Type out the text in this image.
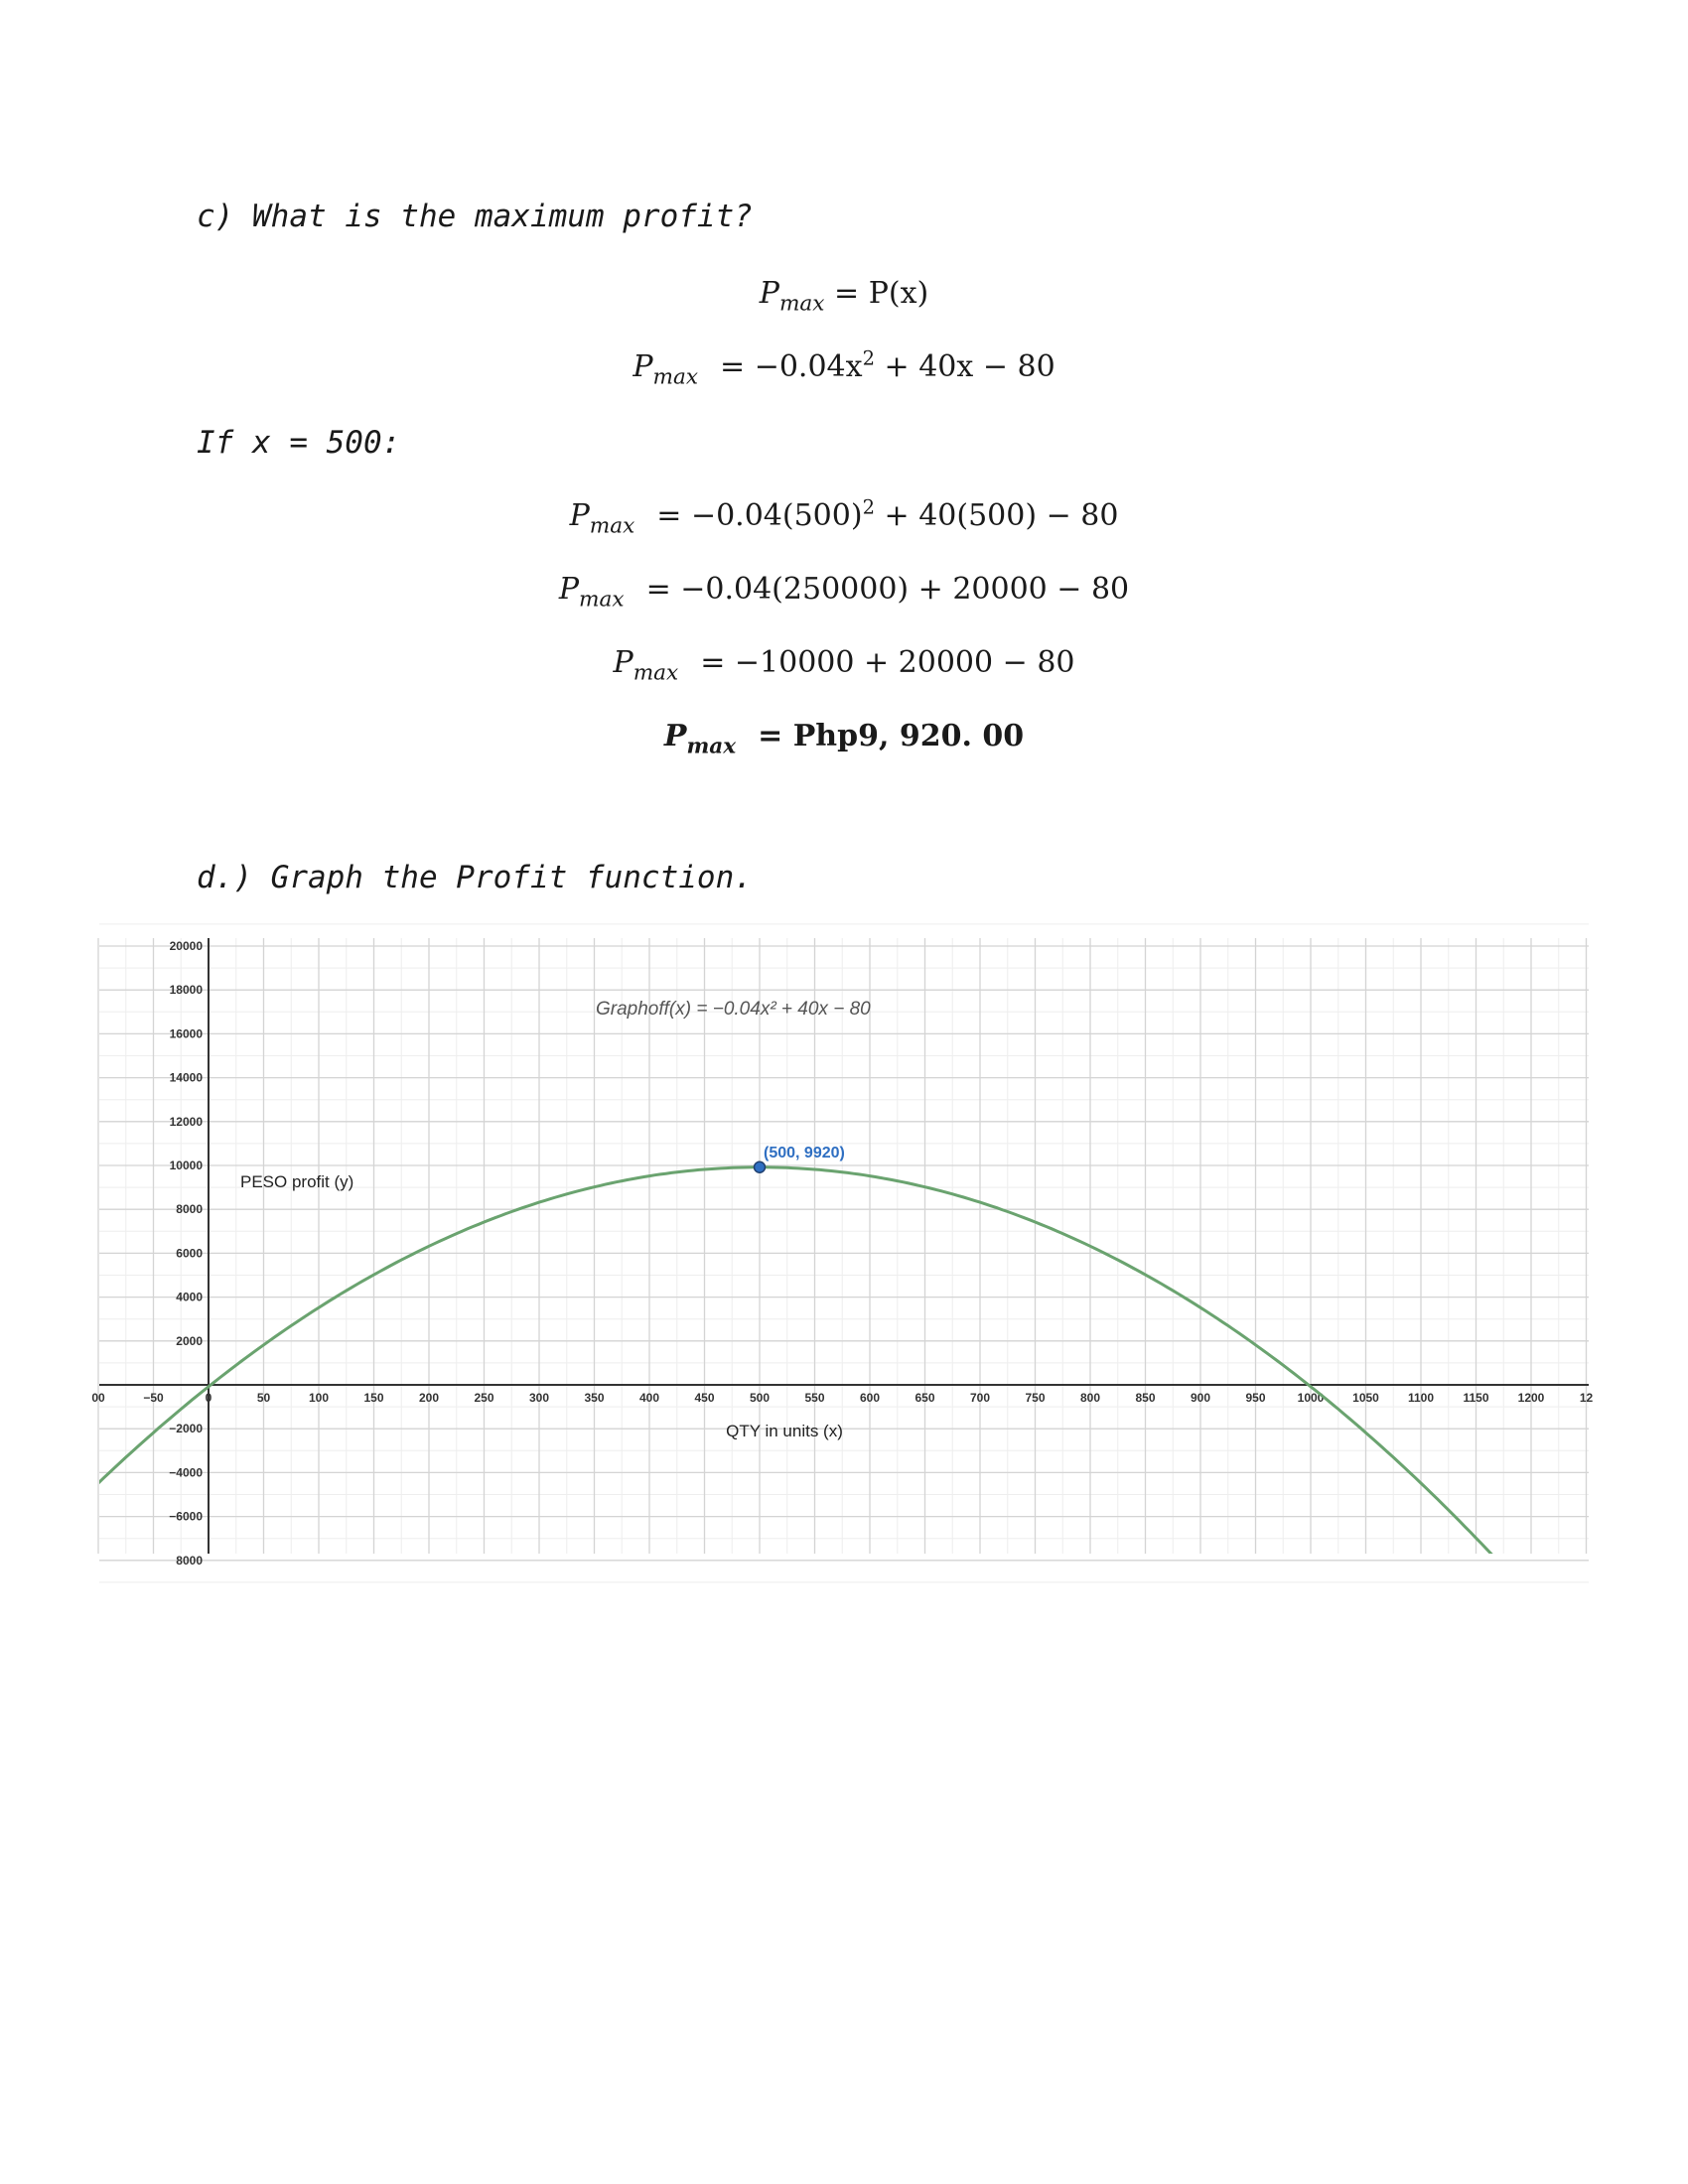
c) What is the maximum profit?
$P_{max} = P(x)$
$P_{max} = -0.04x^2 + 40x - 80$
If x = 500:
$P_{max} = -0.04(500)^2 + 40(500) - 80$
$P_{max} = -0.04(250000) + 20000 - 80$
$P_{max} = -10000 + 20000 - 80$
$P_{max} = Php9$, 920. 00
d.) Graph the Profit function.
00	−50	0	50	100	150	200	250	300	350	400	450	500	550	600	650	700	750	800	850	900	950	1000 1050 1100 1150 1200	12
8000
−6000
−4000
−2000
2000
4000
6000
8000
10000
12000
14000
16000
18000
20000
(500, 9920)
Graphoff(x) = −0.04x² + 40x − 80
PESO profit (y)
QTY in units (x)
